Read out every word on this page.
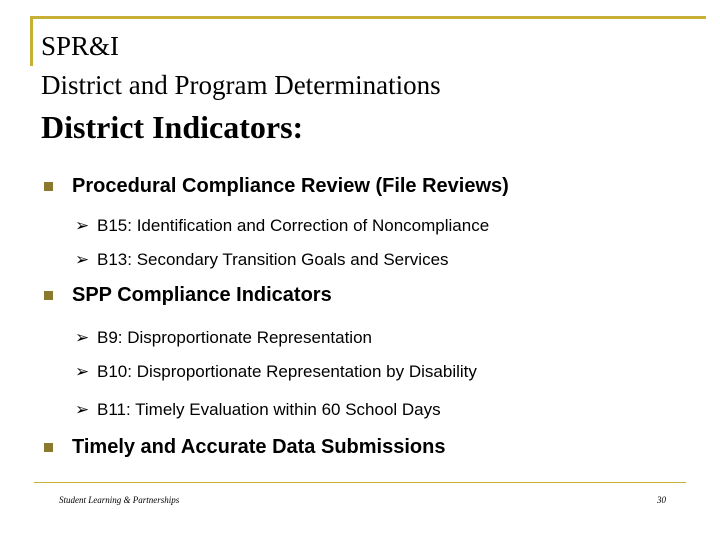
SPR&I
District and Program Determinations
District Indicators:
Procedural Compliance Review (File Reviews)
➢ B15: Identification and Correction of Noncompliance
➢ B13: Secondary Transition Goals and Services
SPP Compliance Indicators
➢ B9: Disproportionate Representation
➢ B10: Disproportionate Representation by Disability
➢ B11: Timely Evaluation within 60 School Days
Timely and Accurate Data Submissions
Student Learning & Partnerships	30
